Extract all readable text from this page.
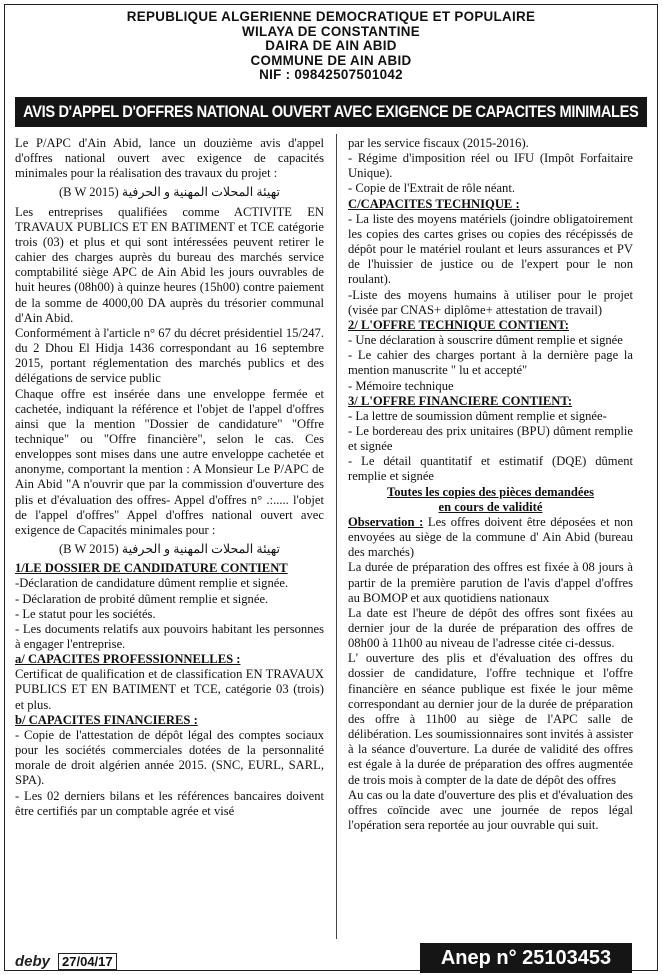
REPUBLIQUE ALGERIENNE DEMOCRATIQUE ET POPULAIRE
WILAYA DE CONSTANTINE
DAIRA DE AIN ABID
COMMUNE DE AIN ABID
NIF : 09842507501042
AVIS D'APPEL D'OFFRES NATIONAL OUVERT AVEC EXIGENCE DE CAPACITES MINIMALES

Le P/APC d'Ain Abid, lance un douzième avis d'appel d'offres national ouvert avec exigence de capacités minimales pour la réalisation des travaux du projet :

تهيئة المحلات المهنية و الحرفية (B W 2015)

Les entreprises qualifiées comme ACTIVITE EN TRAVAUX PUBLICS ET EN BATIMENT et TCE catégorie trois (03) et plus et qui sont intéressées peuvent retirer le cahier des charges auprès du bureau des marchés service comptabilité siège APC de Ain Abid les jours ouvrables de huit heures (08h00) à quinze heures (15h00) contre paiement de la somme de 4000,00 DA auprès du trésorier communal d'Ain Abid.

Conformément à l'article n° 67 du décret présidentiel 15/247. du 2 Dhou El Hidja 1436 correspondant au 16 septembre 2015, portant réglementation des marchés publics et des délégations de service public

Chaque offre est insérée dans une enveloppe fermée et cachetée, indiquant la référence et l'objet de l'appel d'offres ainsi que la mention "Dossier de candidature" "Offre technique" ou "Offre financière", selon le cas. Ces enveloppes sont mises dans une autre enveloppe cachetée et anonyme, comportant la mention : A Monsieur Le P/APC de Ain Abid "A n'ouvrir que par la commission d'ouverture des plis et d'évaluation des offres- Appel d'offres n° .:..... l'objet de l'appel d'offres" Appel d'offres national ouvert avec exigence de Capacités minimales pour :

تهيئة المحلات المهنية و الحرفية (B W 2015)

1/LE DOSSIER DE CANDIDATURE CONTIENT

-Déclaration de candidature dûment remplie et signée.

- Déclaration de probité dûment remplie et signée.

- Le statut pour les sociétés.

- Les documents relatifs aux pouvoirs habitant les personnes à engager l'entreprise.

a/ CAPACITES PROFESSIONNELLES :

Certificat de qualification et de classification EN TRAVAUX PUBLICS ET EN BATIMENT et TCE, catégorie 03 (trois) et plus.

b/ CAPACITES FINANCIERES :

- Copie de l'attestation de dépôt légal des comptes sociaux pour les sociétés commerciales dotées de la personnalité morale de droit algérien année 2015. (SNC, EURL, SARL, SPA).

- Les 02 derniers bilans et les références bancaires doivent être certifiés par un comptable agrée et visé

par les service fiscaux (2015-2016).

- Régime d'imposition réel ou IFU (Impôt Forfaitaire Unique).

- Copie de l'Extrait de rôle néant.

C/CAPACITES TECHNIQUE :

- La liste des moyens matériels (joindre obligatoirement les copies des cartes grises ou copies des récépissés de dépôt pour le matériel roulant et leurs assurances et PV de l'huissier de justice ou de l'expert pour le non roulant).

-Liste des moyens humains à utiliser pour le projet (visée par CNAS+ diplôme+ attestation de travail)

2/ L'OFFRE TECHNIQUE CONTIENT:

- Une déclaration à souscrire dûment remplie et signée

- Le cahier des charges portant à la dernière page la mention manuscrite " lu et accepté"

- Mémoire technique

3/ L'OFFRE FINANCIERE CONTIENT:

- La lettre de soumission dûment remplie et signée-

- Le bordereau des prix unitaires (BPU) dûment remplie et signée

- Le détail quantitatif et estimatif (DQE) dûment remplie et signée

Toutes les copies des pièces demandées

en cours de validité

Observation : Les offres doivent être déposées et non envoyées au siège de la commune d' Ain Abid (bureau des marchés)

La durée de préparation des offres est fixée à 08 jours à partir de la première parution de l'avis d'appel d'offres au BOMOP et aux quotidiens nationaux

La date est l'heure de dépôt des offres sont fixées au dernier jour de la durée de préparation des offres de 08h00 à 11h00 au niveau de l'adresse citée ci-dessus.

L' ouverture des plis et d'évaluation des offres du dossier de candidature, l'offre technique et l'offre financière en séance publique est fixée le jour même correspondant au dernier jour de la durée de préparation des offre à 11h00 au siège de l'APC salle de délibération. Les soumissionnaires sont invités à assister à la séance d'ouverture. La durée de validité des offres est égale à la durée de préparation des offres augmentée de trois mois à compter de la date de dépôt des offres

Au cas ou la date d'ouverture des plis et d'évaluation des offres coïncide avec une journée de repos légal l'opération sera reportée au jour ouvrable qui suit.

deby 27/04/17	Anep n° 25103453
